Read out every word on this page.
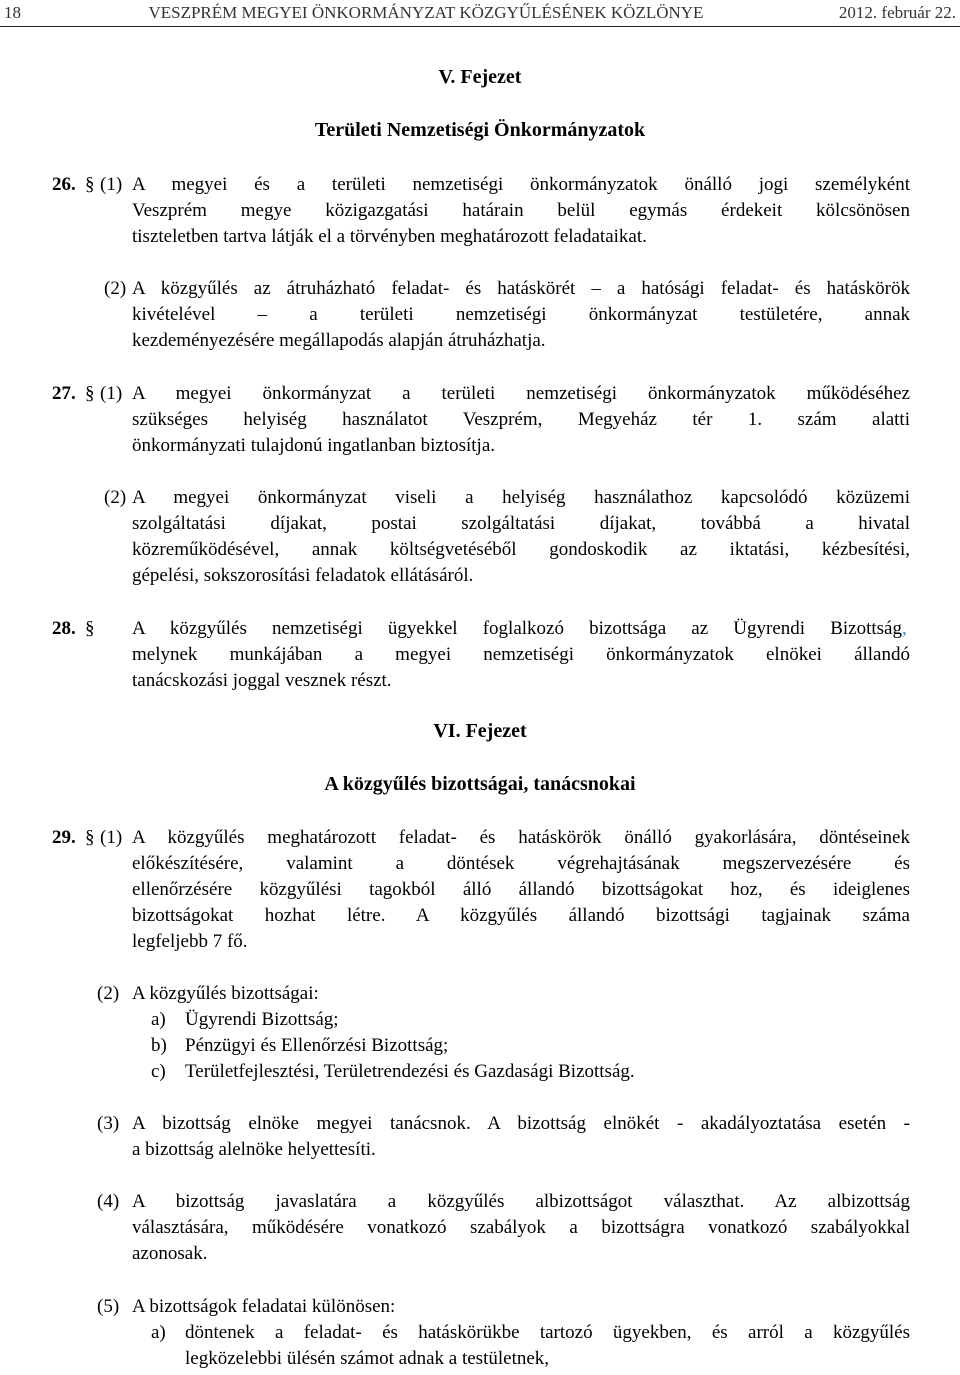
18	VESZPRÉM MEGYEI ÖNKORMÁNYZAT KÖZGYŰLÉSÉNEK KÖZLÖNYE	2012. február 22.
V. Fejezet
Területi Nemzetiségi Önkormányzatok
26. § (1) A megyei és a területi nemzetiségi önkormányzatok önálló jogi személyként
Veszprém megye közigazgatási határain belül egymás érdekeit kölcsönösen
tiszteletben tartva látják el a törvényben meghatározott feladataikat.
(2) A közgyűlés az átruházható feladat- és hatáskörét – a hatósági feladat- és hatáskörök
kivételével – a területi nemzetiségi önkormányzat testületére, annak
kezdeményezésére megállapodás alapján átruházhatja.
27. § (1) A megyei önkormányzat a területi nemzetiségi önkormányzatok működéséhez
szükséges helyiség használatot Veszprém, Megyeház tér 1. szám alatti
önkormányzati tulajdonú ingatlanban biztosítja.
(2) A megyei önkormányzat viseli a helyiség használathoz kapcsolódó közüzemi
szolgáltatási díjakat, postai szolgáltatási díjakat, továbbá a hivatal
közreműködésével, annak költségvetéséből gondoskodik az iktatási, kézbesítési,
gépelési, sokszorosítási feladatok ellátásáról.
28. § A közgyűlés nemzetiségi ügyekkel foglalkozó bizottsága az Ügyrendi Bizottság ,
melynek munkájában a megyei nemzetiségi önkormányzatok elnökei állandó
tanácskozási joggal vesznek részt.
VI. Fejezet
A közgyűlés bizottságai, tanácsnokai
29. § (1) A közgyűlés meghatározott feladat- és hatáskörök önálló gyakorlására, döntéseinek
előkészítésére, valamint a döntések végrehajtásának megszervezésére és
ellenőrzésére közgyűlési tagokból álló állandó bizottságokat hoz, és ideiglenes
bizottságokat hozhat létre. A közgyűlés állandó bizottsági tagjainak száma
legfeljebb 7 fő.
(2) A közgyűlés bizottságai:
a) Ügyrendi Bizottság;
b) Pénzügyi és Ellenőrzési Bizottság;
c) Területfejlesztési, Területrendezési és Gazdasági Bizottság.
(3) A bizottság elnöke megyei tanácsnok. A bizottság elnökét - akadályoztatása esetén -
a bizottság alelnöke helyettesíti.
(4) A bizottság javaslatára a közgyűlés albizottságot választhat. Az albizottság
választására, működésére vonatkozó szabályok a bizottságra vonatkozó szabályokkal
azonosak.
(5) A bizottságok feladatai különösen:
a) döntenek a feladat- és hatáskörükbe tartozó ügyekben, és arról a közgyűlés
legközelebbi ülésén számot adnak a testületnek,
